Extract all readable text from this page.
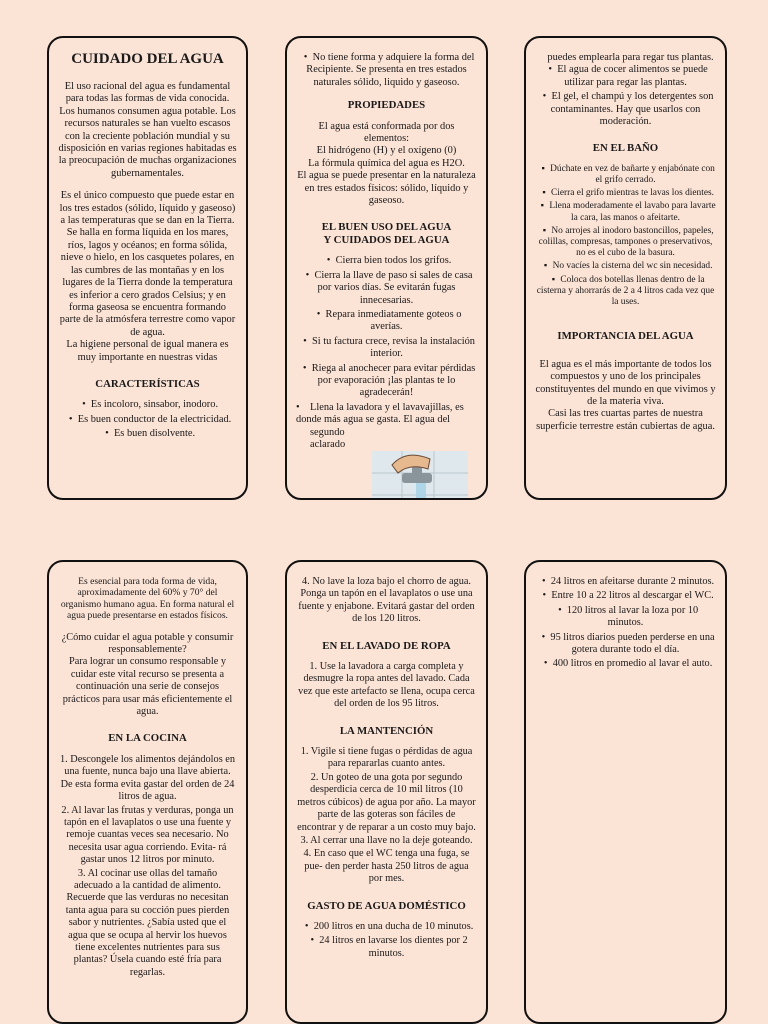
CUIDADO DEL AGUA

El uso racional del agua es fundamental para todas las formas de vida conocida. Los humanos consumen agua potable. Los recursos naturales se han vuelto escasos con la creciente población mundial y su disposición en varias regiones habitadas es la preocupación de muchas organizaciones gubernamentales.

Es el único compuesto que puede estar en los tres estados (sólido, líquido y gaseoso) a las temperaturas que se dan en la Tierra. Se halla en forma líquida en los mares, ríos, lagos y océanos; en forma sólida, nieve o hielo, en los casquetes polares, en las cumbres de las montañas y en los lugares de la Tierra donde la temperatura es inferior a cero grados Celsius; y en forma gaseosa se encuentra formando parte de la atmósfera terrestre como vapor de agua.

La higiene personal de igual manera es muy importante en nuestras vidas

CARACTERÍSTICAS

• Es incoloro, sinsabor, inodoro.
• Es buen conductor de la electricidad.
• Es buen disolvente.
• No tiene forma y adquiere la forma del Recipiente. Se presenta en tres estados naturales sólido, liquido y gaseoso.

PROPIEDADES

El agua está conformada por dos elementos:

El hidrógeno (H) y el oxígeno (0)

La fórmula química del agua es H2O.

El agua se puede presentar en la naturaleza en tres estados físicos: sólido, líquido y gaseoso.

EL BUEN USO DEL AGUA

Y CUIDADOS DEL AGUA

• Cierra bien todos los grifos.
• Cierra la llave de paso si sales de casa por varios días. Se evitarán fugas innecesarias.
• Repara inmediatamente goteos o averías.
• Si tu factura crece, revisa la instalación interior.
• Riega al anochecer para evitar pérdidas por evaporación ¡las plantas te lo agradecerán!
• Llena la lavadora y el lavavajillas, es donde más agua se gasta. El agua del
segundo
aclarado

puedes emplearla para regar tus plantas.

• El agua de cocer alimentos se puede utilizar para regar las plantas.
• El gel, el champú y los detergentes son contaminantes. Hay que usarlos con moderación.

EN EL BAÑO

▪ Dúchate en vez de bañarte y enjabónate con el grifo cerrado.
▪ Cierra el grifo mientras te lavas los dientes.
▪ Llena moderadamente el lavabo para lavarte la cara, las manos o afeitarte.
▪ No arrojes al inodoro bastoncillos, papeles, colillas, compresas, tampones o preservativos, no es el cubo de la basura.
▪ No vacíes la cisterna del wc sin necesidad.
▪ Coloca dos botellas llenas dentro de la cisterna y ahorrarás de 2 a 4 litros cada vez que la uses.

IMPORTANCIA DEL AGUA

El agua es el más importante de todos los compuestos y uno de los principales constituyentes del mundo en que vivimos y de la materia viva.

Casi las tres cuartas partes de nuestra superficie terrestre están cubiertas de agua.

Es esencial para toda forma de vida, aproximadamente del 60% y 70° del organismo humano agua. En forma natural el agua puede presentarse en estados físicos.

¿Cómo cuidar el agua potable y consumir responsablemente?

Para lograr un consumo responsable y cuidar este vital recurso se presenta a continuación una serie de consejos prácticos para usar más eficientemente el agua.

EN LA COCINA

1. Descongele los alimentos dejándolos en una fuente, nunca bajo una llave abierta. De esta forma evita gastar del orden de 24 litros de agua.
2. Al lavar las frutas y verduras, ponga un tapón en el lavaplatos o use una fuente y remoje cuantas veces sea necesario. No necesita usar agua corriendo. Evita- rá gastar unos 12 litros por minuto.
3. Al cocinar use ollas del tamaño adecuado a la cantidad de alimento. Recuerde que las verduras no necesitan tanta agua para su cocción pues pierden sabor y nutrientes. ¿Sabía usted que el agua que se ocupa al hervir los huevos tiene excelentes nutrientes para sus plantas? Úsela cuando esté fría para regarlas.

4. No lave la loza bajo el chorro de agua. Ponga un tapón en el lavaplatos o use una fuente y enjabone. Evitará gastar del orden de los 120 litros.

EN EL LAVADO DE ROPA

1. Use la lavadora a carga completa y desmugre la ropa antes del lavado. Cada vez que este artefacto se llena, ocupa cerca del orden de los 95 litros.

LA MANTENCIÓN

1. Vigile si tiene fugas o pérdidas de agua para repararlas cuanto antes.
2. Un goteo de una gota por segundo desperdicia cerca de 10 mil litros (10 metros cúbicos) de agua por año. La mayor parte de las goteras son fáciles de encontrar y de reparar a un costo muy bajo.
3. Al cerrar una llave no la deje goteando.
4. En caso que el WC tenga una fuga, se pue- den perder hasta 250 litros de agua por mes.

GASTO DE AGUA DOMÉSTICO

• 200 litros en una ducha de 10 minutos.
• 24 litros en lavarse los dientes por 2 minutos.
• 24 litros en afeitarse durante 2 minutos.
• Entre 10 a 22 litros al descargar el WC.
• 120 litros al lavar la loza por 10 minutos.
• 95 litros diarios pueden perderse en una gotera durante todo el día.
• 400 litros en promedio al lavar el auto.
